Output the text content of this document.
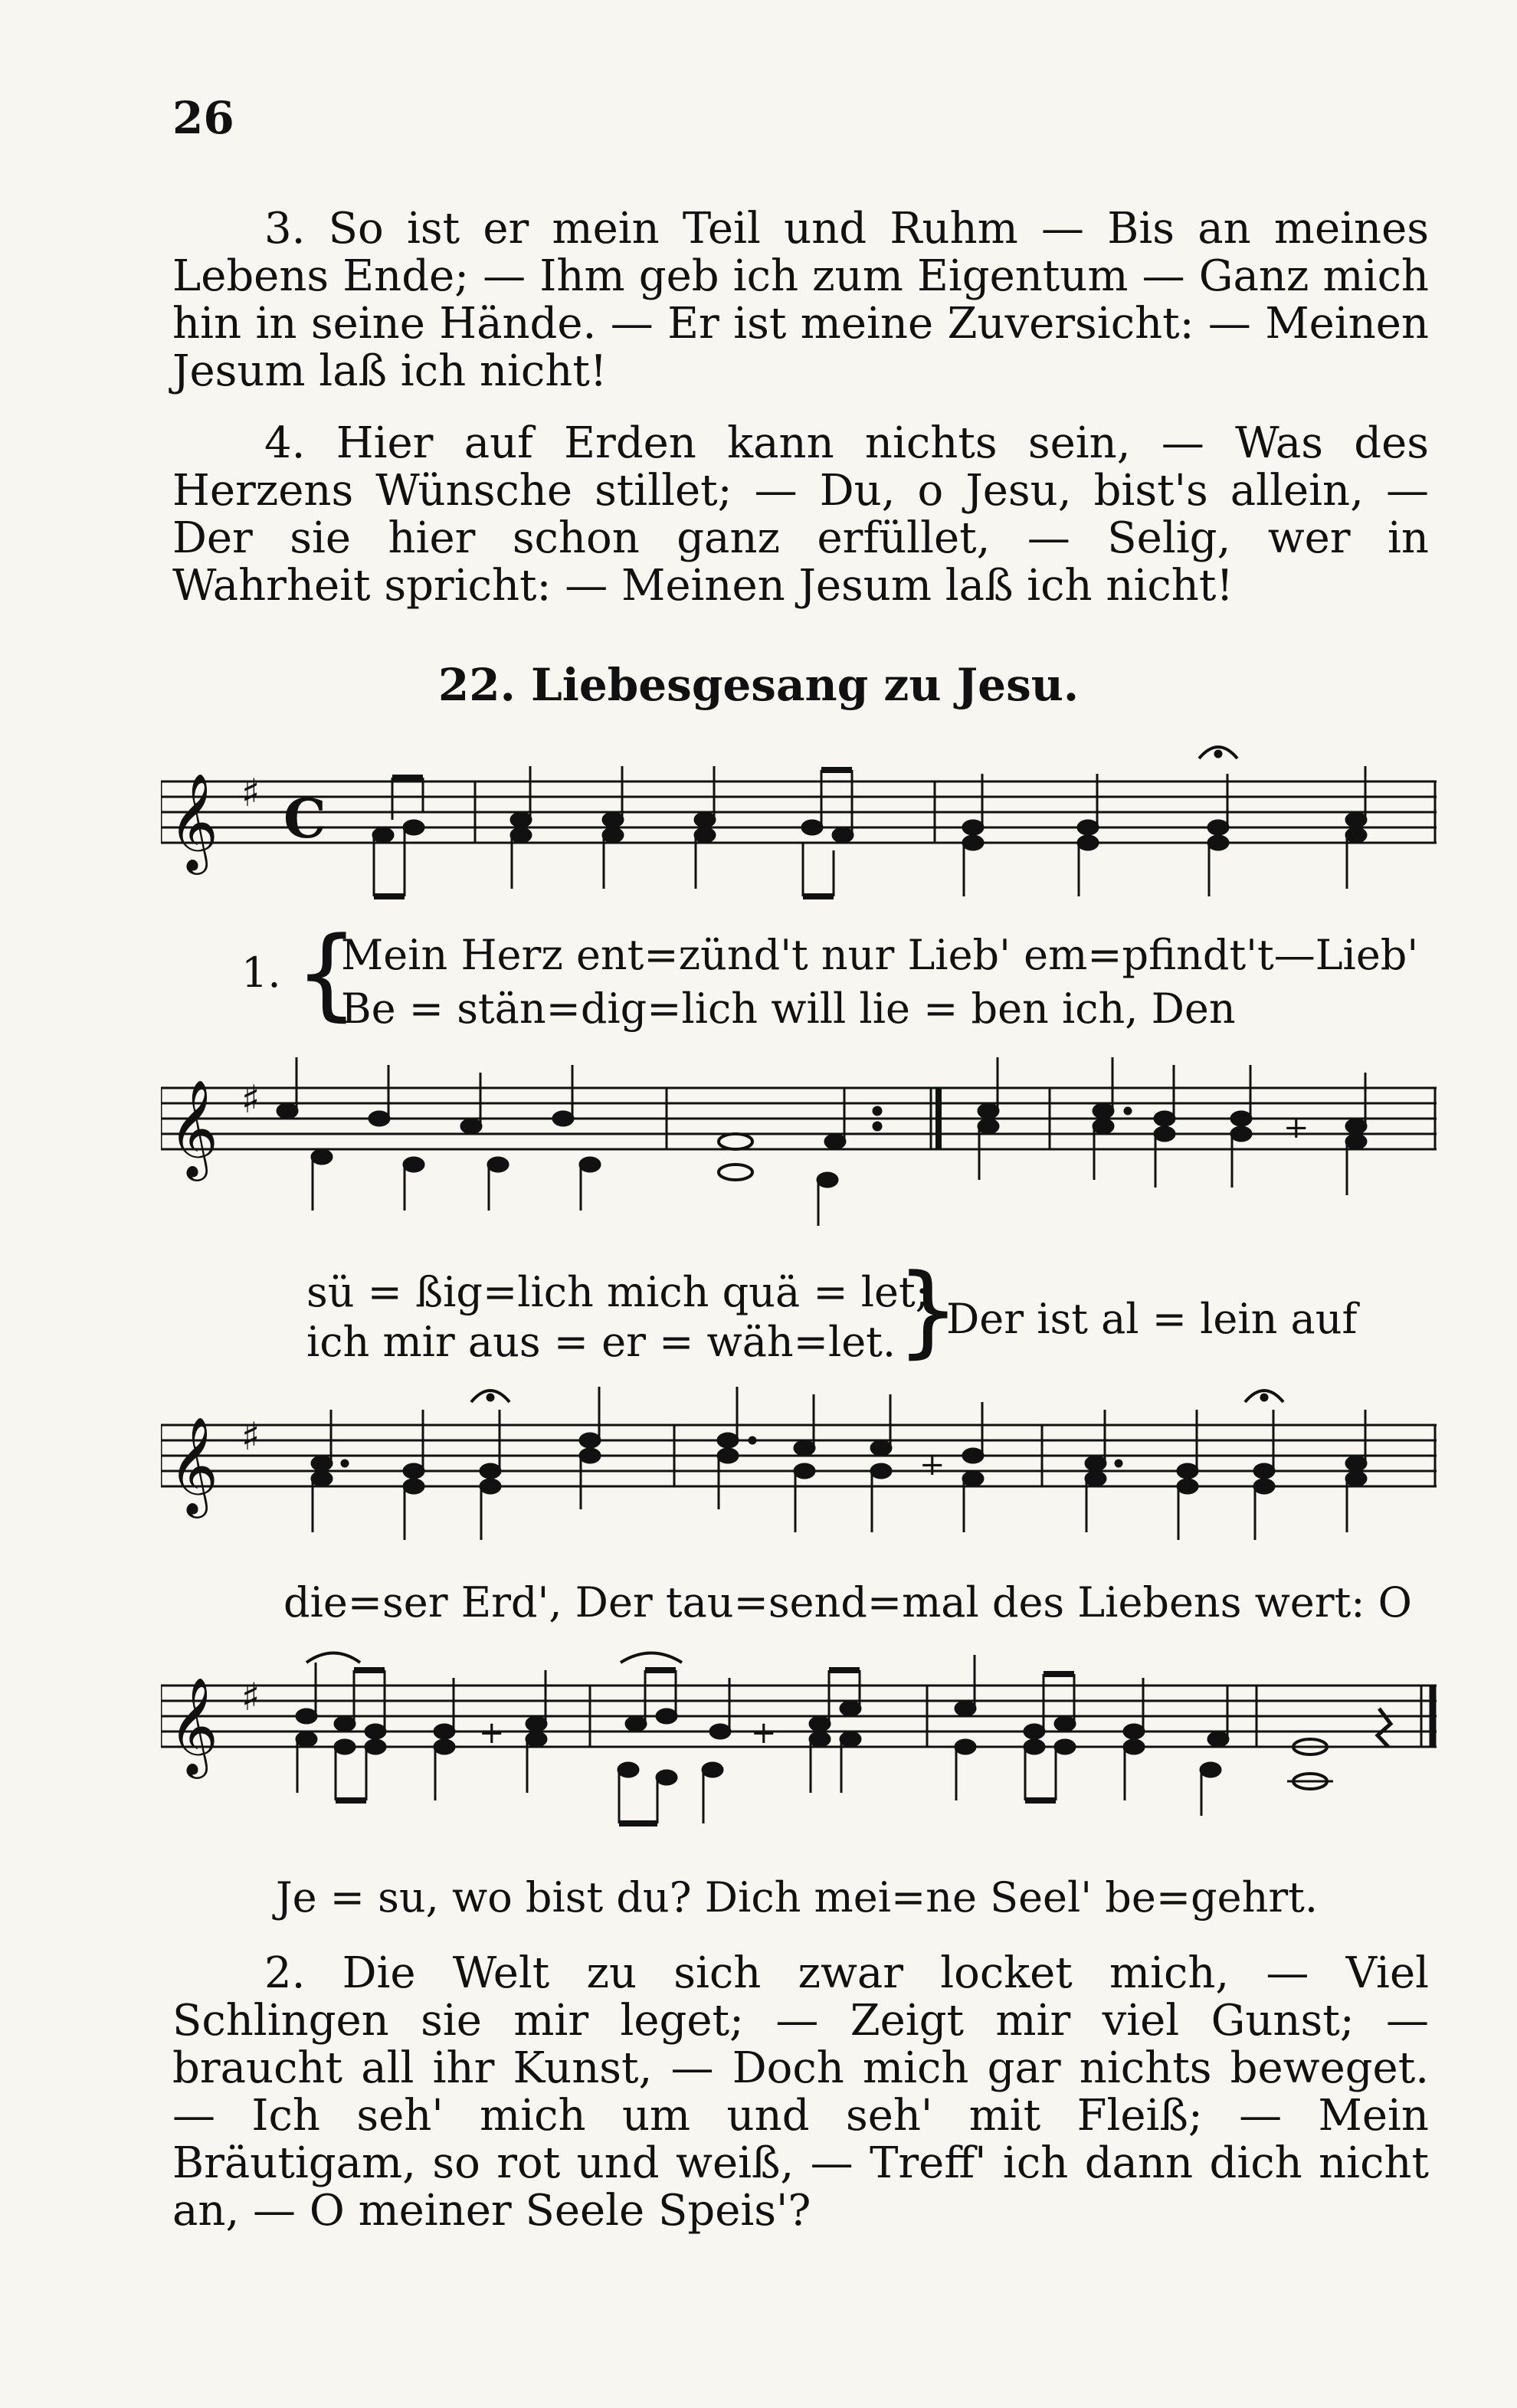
26
3. So ist er mein Teil und Ruhm — Bis an meines Lebens Ende; — Ihm geb ich zum Eigentum — Ganz mich hin in seine Hände. — Er ist meine Zuversicht: — Meinen Jesum laß ich nicht!
4. Hier auf Erden kann nichts sein, — Was des Herzens Wünsche stillet; — Du, o Jesu, bist's allein, — Der sie hier schon ganz erfüllet, — Selig, wer in Wahrheit spricht: — Meinen Jesum laß ich nicht!
22. Liebesgesang zu Jesu.
𝄞 ♯ C
1. {
Mein Herz ent=zünd't nur Lieb' em=pfindt't—Lieb'
Be = stän=dig=lich will lie = ben ich, Den
𝄞 ♯
+
sü = ßig=lich mich quä = let;
ich mir aus = er = wäh=let. }
Der ist al = lein auf
𝄞 ♯
+
die=ser Erd', Der tau=send=mal des Liebens wert: O
𝄞 ♯
+	+
Je = su, wo bist du? Dich mei=ne Seel' be=gehrt.
2. Die Welt zu sich zwar locket mich, — Viel Schlingen sie mir leget; — Zeigt mir viel Gunst; — braucht all ihr Kunst, — Doch mich gar nichts beweget. — Ich seh' mich um und seh' mit Fleiß; — Mein Bräutigam, so rot und weiß, — Treff' ich dann dich nicht an, — O meiner Seele Speis'?
